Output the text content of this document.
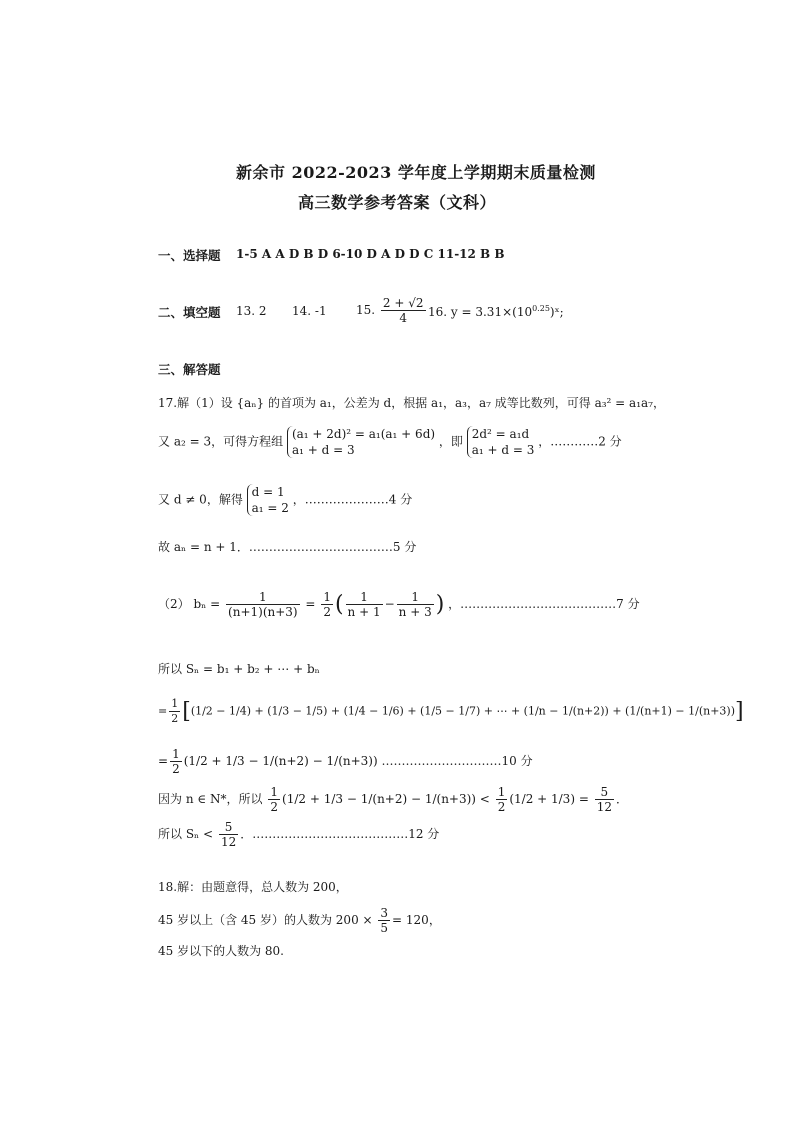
新余市 2022-2023 学年度上学期期末质量检测
高三数学参考答案（文科）
一、选择题 1-5 A A D B D 6-10 D A D D C 11-12 B B
二、填空题 13. 2 14. -1 15. $\frac{2 + √2}{4} 16$. $y = 3.31\times(10^{0.25})ˣ$;
三、解答题
17.解（1）设 {aₙ} 的首项为 a₁，公差为 d，根据 a₁，a₃，a₇ 成等比数列，可得 a₃² = a₁a₇，
又 a₂ = 3，可得方程组
(a₁ + 2d)² = a₁(a₁ + 6d)
a₁ + d = 3
，即
2d² = a₁d
a₁ + d = 3
，…………2 分
又 d ≠ 0，解得
d = 1
a₁ = 2
，…………………4 分
故 aₙ = n + 1．………………………………5 分
（2） $b_n = \frac{1}{(n+1)(n+3)} = \frac{1}{2}$ ( $\frac{1}{n + 1} - \frac{1}{n + 3}$ ) ，…………………………………7 分
所以 Sₙ = b₁ + b₂ + ⋯ + bₙ
= $\frac{1}{2} [(1/2 - 1/4) + (1/3 - 1/5) + (1/4 - 1/6) + (1/5 - 1/7)$ + ⋯ + (1/n − 1/(n+2)) + (1/(n+1) − 1/(n+3))]
= $\frac{1}{2} (1/2 + 1/3 - 1/(n+2) - 1/(n+3))$ …………………………10 分
因为 n ∈ N*，所以 $\frac{1}{2} (1/2 + 1/3 - 1/(n+2) - 1/(n+3)) < \frac{1}{2} (1/2 + 1/3) = \frac{5}{12}$ ．
所以 $S_n < \frac{5}{12}$ ．…………………………………12 分
18.解：由题意得，总人数为 200，
45 岁以上（含 45 岁）的人数为 $200 \times \frac{3}{5} = 120$，
45 岁以下的人数为 80.
